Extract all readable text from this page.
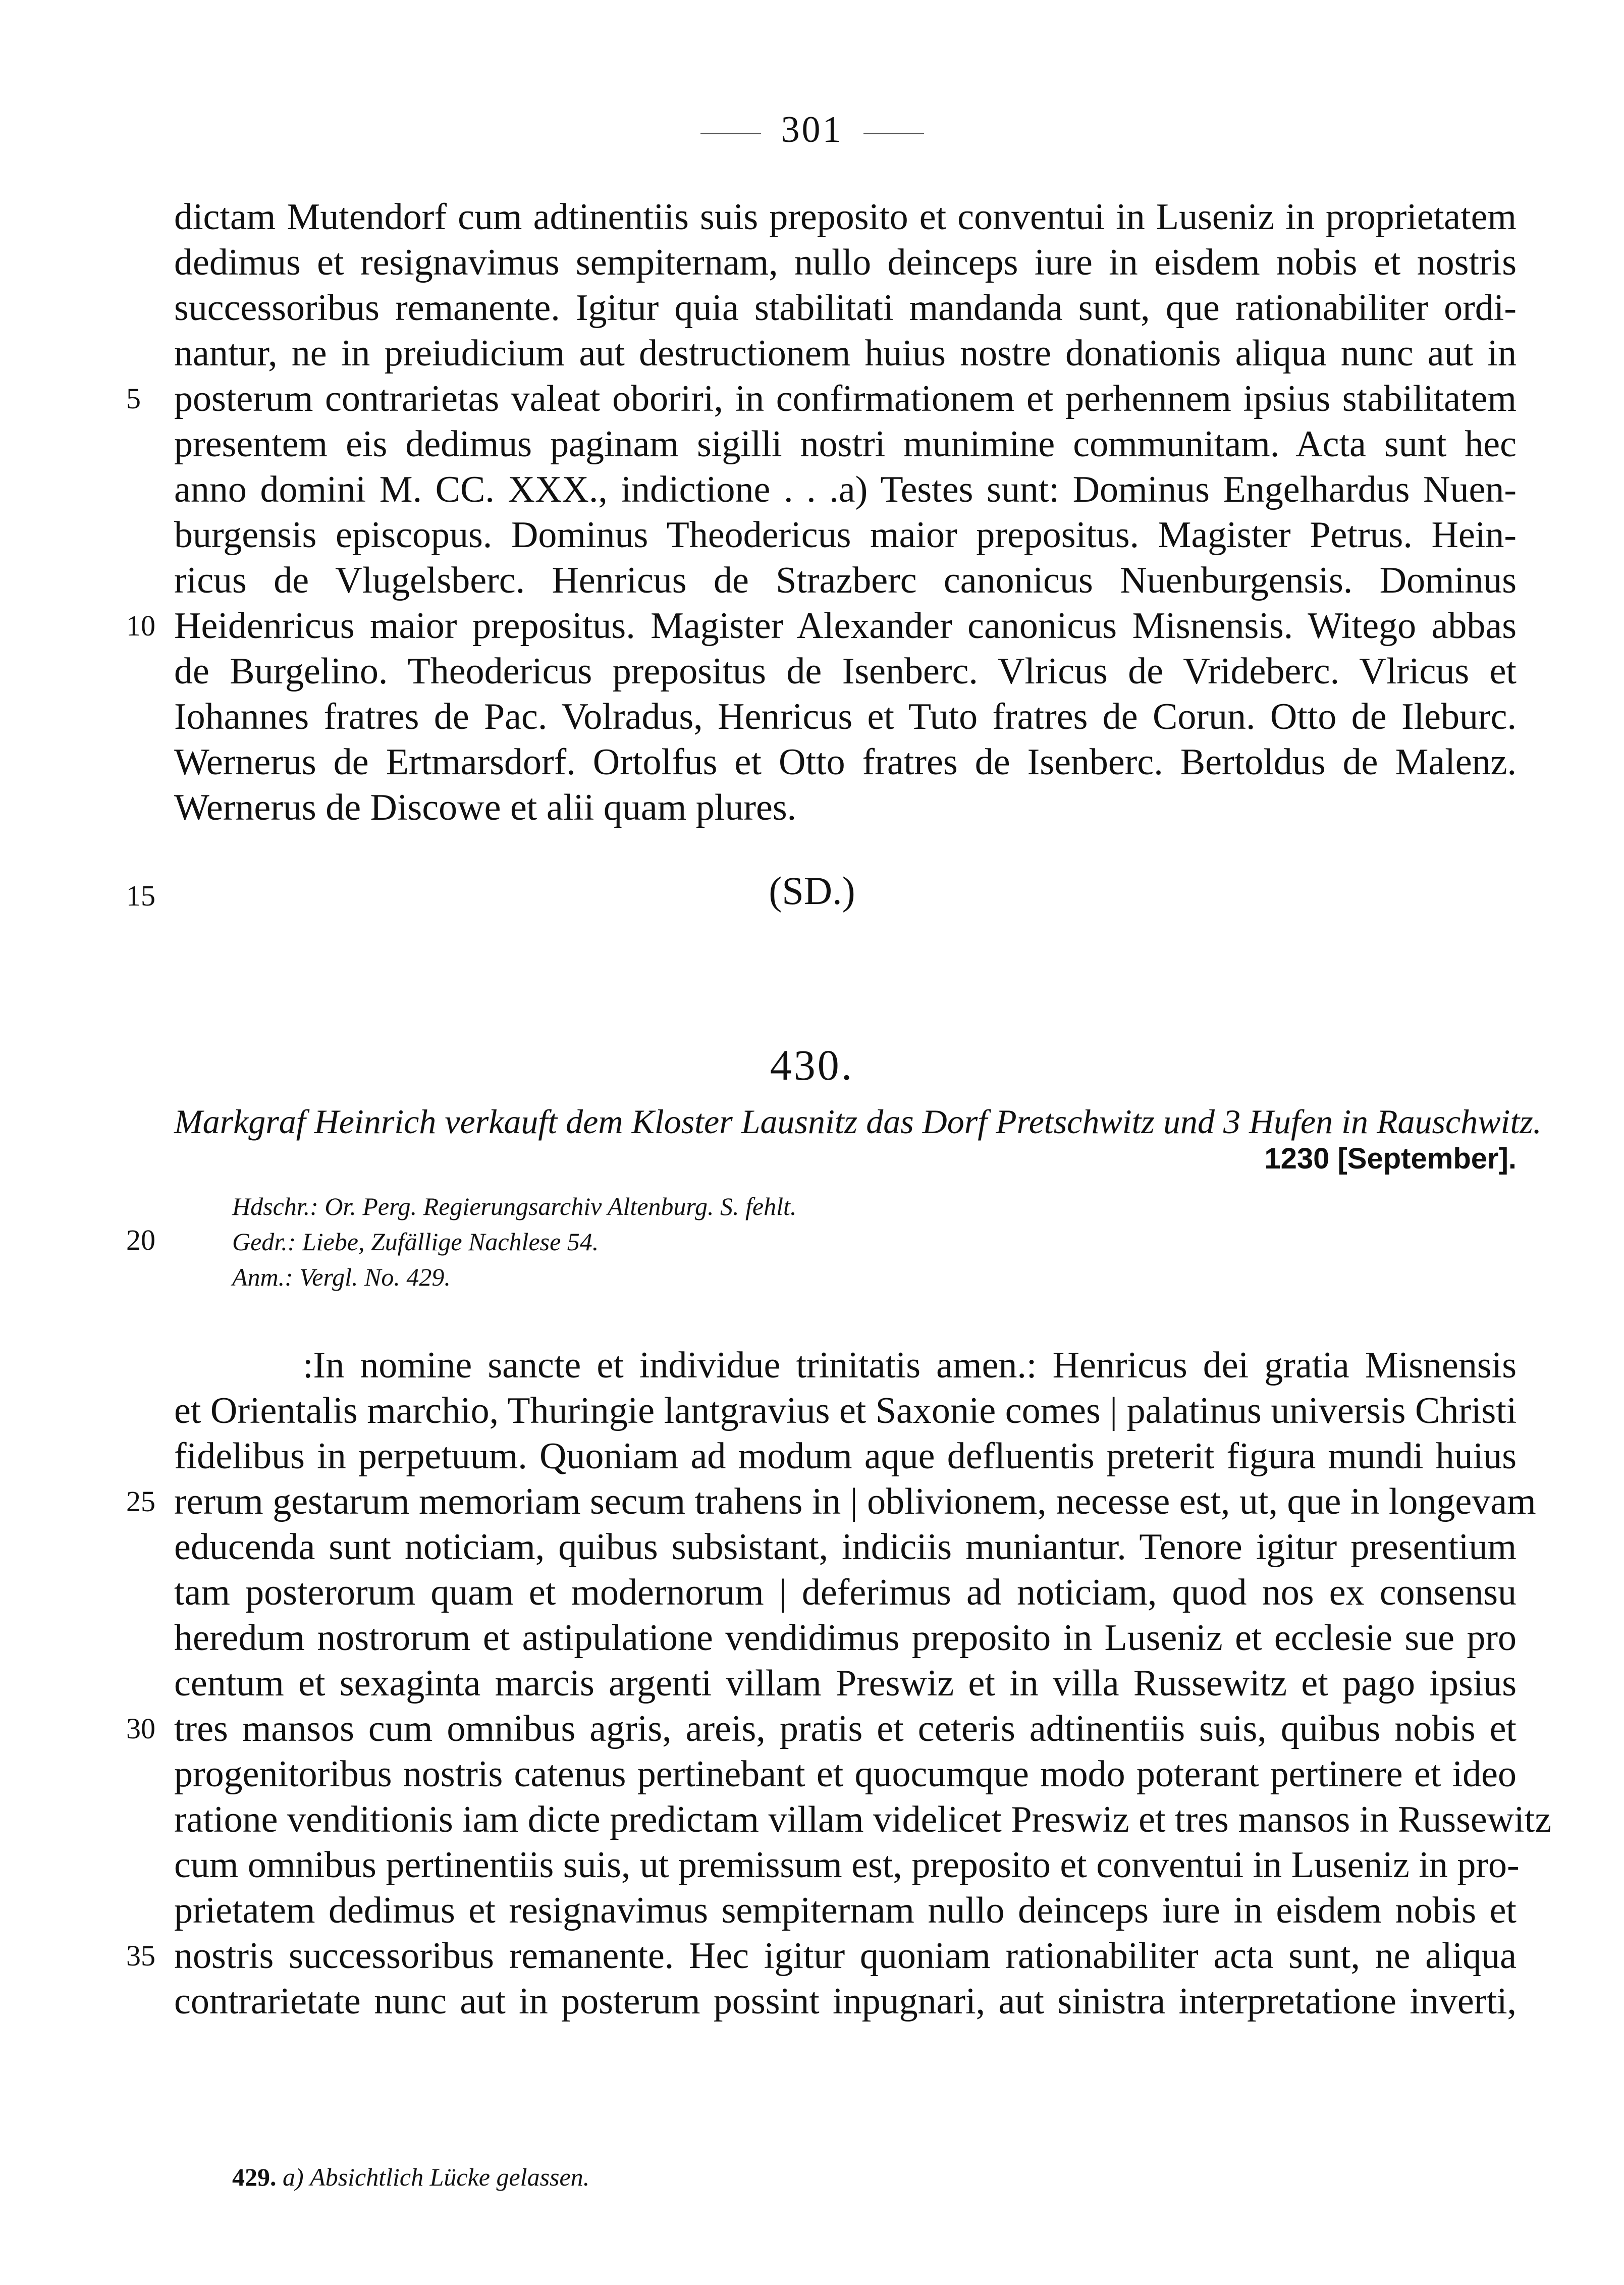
301
dictam Mutendorf cum adtinentiis suis preposito et conventui in Luseniz in proprietatem
dedimus et resignavimus sempiternam, nullo deinceps iure in eisdem nobis et nostris
successoribus remanente. Igitur quia stabilitati mandanda sunt, que rationabiliter ordi-
nantur, ne in preiudicium aut destructionem huius nostre donationis aliqua nunc aut in
posterum contrarietas valeat oboriri, in confirmationem et perhennem ipsius stabilitatem
presentem eis dedimus paginam sigilli nostri munimine communitam. Acta sunt hec
anno domini M. CC. XXX., indictione . . .a) Testes sunt: Dominus Engelhardus Nuen-
burgensis episcopus. Dominus Theodericus maior prepositus. Magister Petrus. Hein-
ricus de Vlugelsberc. Henricus de Strazberc canonicus Nuenburgensis. Dominus
Heidenricus maior prepositus. Magister Alexander canonicus Misnensis. Witego abbas
de Burgelino. Theodericus prepositus de Isenberc. Vlricus de Vrideberc. Vlricus et
Iohannes fratres de Pac. Volradus, Henricus et Tuto fratres de Corun. Otto de Ileburc.
Wernerus de Ertmarsdorf. Ortolfus et Otto fratres de Isenberc. Bertoldus de Malenz.
Wernerus de Discowe et alii quam plures.
5
10
15	(SD.)
430.
Markgraf Heinrich verkauft dem Kloster Lausnitz das Dorf Pretschwitz und 3 Hufen in Rauschwitz.
1230 [September].
Hdschr.: Or. Perg. Regierungsarchiv Altenburg. S. fehlt.
Gedr.: Liebe, Zufällige Nachlese 54.
Anm.: Vergl. No. 429.
20
:In nomine sancte et individue trinitatis amen.: Henricus dei gratia Misnensis
et Orientalis marchio, Thuringie lantgravius et Saxonie comes | palatinus universis Christi
fidelibus in perpetuum. Quoniam ad modum aque defluentis preterit figura mundi huius
rerum gestarum memoriam secum trahens in | oblivionem, necesse est, ut, que in longevam
educenda sunt noticiam, quibus subsistant, indiciis muniantur. Tenore igitur presentium
tam posterorum quam et modernorum | deferimus ad noticiam, quod nos ex consensu
heredum nostrorum et astipulatione vendidimus preposito in Luseniz et ecclesie sue pro
centum et sexaginta marcis argenti villam Preswiz et in villa Russewitz et pago ipsius
tres mansos cum omnibus agris, areis, pratis et ceteris adtinentiis suis, quibus nobis et
progenitoribus nostris catenus pertinebant et quocumque modo poterant pertinere et ideo
ratione venditionis iam dicte predictam villam videlicet Preswiz et tres mansos in Russewitz
cum omnibus pertinentiis suis, ut premissum est, preposito et conventui in Luseniz in pro-
prietatem dedimus et resignavimus sempiternam nullo deinceps iure in eisdem nobis et
nostris successoribus remanente. Hec igitur quoniam rationabiliter acta sunt, ne aliqua
contrarietate nunc aut in posterum possint inpugnari, aut sinistra interpretatione inverti,
25
30
35
429. a) Absichtlich Lücke gelassen.
